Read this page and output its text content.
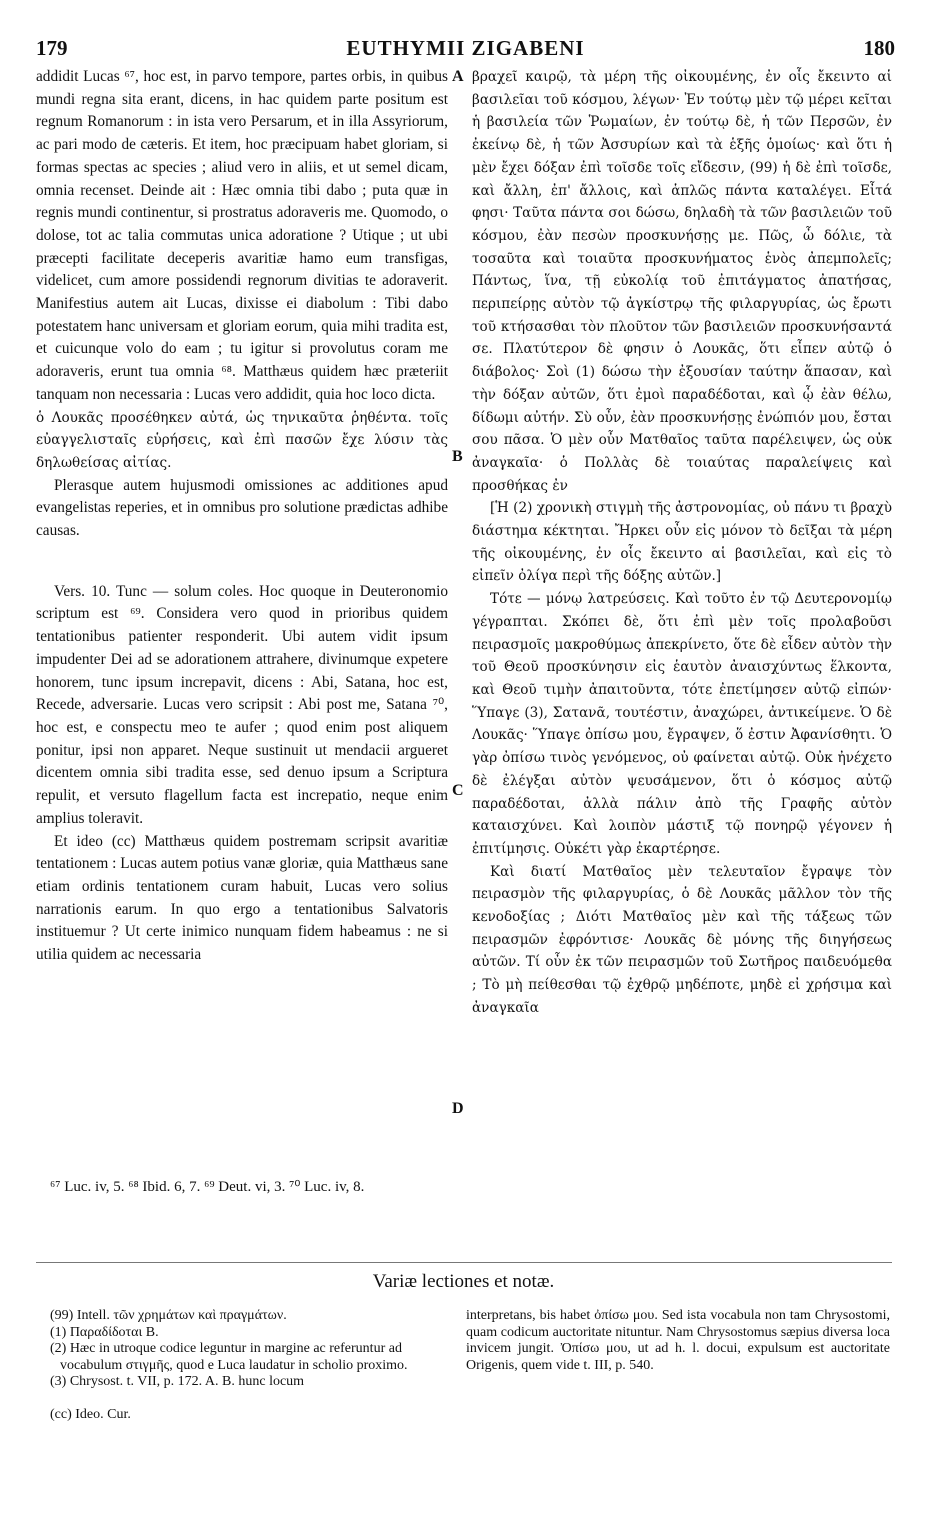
179	EUTHYMII ZIGABENI	180

addidit Lucas ⁶⁷, hoc est, in parvo tempore, partes orbis, in quibus mundi regna sita erant, dicens, in hac quidem parte positum est regnum Romanorum : in ista vero Persarum, et in illa Assyriorum, ac pari modo de cæteris. Et item, hoc præcipuam habet gloriam, si formas spectas ac species ; aliud vero in aliis, et ut semel dicam, omnia recenset. Deinde ait : Hæc omnia tibi dabo ; puta quæ in regnis mundi continentur, si prostratus adoraveris me. Quomodo, o dolose, tot ac talia commutas unica adoratione ? Utique ; ut ubi præcepti facilitate deceperis avaritiæ hamo eum transfigas, videlicet, cum amore possidendi regnorum divitias te adoraverit. Manifestius autem ait Lucas, dixisse ei diabolum : Tibi dabo potestatem hanc universam et gloriam eorum, quia mihi tradita est, et cuicunque volo do eam ; tu igitur si provolutus coram me adoraveris, erunt tua omnia ⁶⁸. Matthæus quidem hæc præteriit tanquam non necessaria : Lucas vero addidit, quia hoc loco dicta.

ὁ Λουκᾶς προσέθηκεν αὐτά, ὡς τηνικαῦτα ῥηθέντα. τοῖς εὐαγγελισταῖς εὑρήσεις, καὶ ἐπὶ πασῶν ἔχε λύσιν τὰς δηλωθείσας αἰτίας.

Plerasque autem hujusmodi omissiones ac additiones apud evangelistas reperies, et in omnibus pro solutione prædictas adhibe causas.

Vers. 10. Tunc — solum coles. Hoc quoque in Deuteronomio scriptum est ⁶⁹. Considera vero quod in prioribus quidem tentationibus patienter responderit. Ubi autem vidit ipsum impudenter Dei ad se adorationem attrahere, divinumque expetere honorem, tunc ipsum increpavit, dicens : Abi, Satana, hoc est, Recede, adversarie. Lucas vero scripsit : Abi post me, Satana ⁷⁰, hoc est, e conspectu meo te aufer ; quod enim post aliquem ponitur, ipsi non apparet. Neque sustinuit ut mendacii argueret dicentem omnia sibi tradita esse, sed denuo ipsum a Scriptura repulit, et versuto flagellum facta est increpatio, neque enim amplius toleravit.

Et ideo (cc) Matthæus quidem postremam scripsit avaritiæ tentationem : Lucas autem potius vanæ gloriæ, quia Matthæus sane etiam ordinis tentationem curam habuit, Lucas vero solius narrationis earum. In quo ergo a tentationibus Salvatoris instituemur ? Ut certe inimico nunquam fidem habeamus : ne si utilia quidem ac necessaria

A
B
C
D

βραχεῖ καιρῷ, τὰ μέρη τῆς οἰκουμένης, ἐν οἷς ἔκειντο αἱ βασιλεῖαι τοῦ κόσμου, λέγων· Ἐν τούτῳ μὲν τῷ μέρει κεῖται ἡ βασιλεία τῶν Ῥωμαίων, ἐν τούτῳ δὲ, ἡ τῶν Περσῶν, ἐν ἐκείνῳ δὲ, ἡ τῶν Ἀσσυρίων καὶ τὰ ἑξῆς ὁμοίως· καὶ ὅτι ἡ μὲν ἔχει δόξαν ἐπὶ τοῖσδε τοῖς εἴδεσιν, (99) ἡ δὲ ἐπὶ τοῖσδε, καὶ ἄλλη, ἐπ' ἄλλοις, καὶ ἁπλῶς πάντα καταλέγει. Εἶτά φησι· Ταῦτα πάντα σοι δώσω, δηλαδὴ τὰ τῶν βασιλειῶν τοῦ κόσμου, ἐὰν πεσὼν προσκυνήσῃς με. Πῶς, ὦ δόλιε, τὰ τοσαῦτα καὶ τοιαῦτα προσκυνήματος ἑνὸς ἀπεμπολεῖς; Πάντως, ἵνα, τῇ εὐκολίᾳ τοῦ ἐπιτάγματος ἀπατήσας, περιπείρῃς αὐτὸν τῷ ἀγκίστρῳ τῆς φιλαργυρίας, ὡς ἔρωτι τοῦ κτήσασθαι τὸν πλοῦτον τῶν βασιλειῶν προσκυνήσαντά σε. Πλατύτερον δὲ φησιν ὁ Λουκᾶς, ὅτι εἶπεν αὐτῷ ὁ διάβολος· Σοὶ (1) δώσω τὴν ἐξουσίαν ταύτην ἅπασαν, καὶ τὴν δόξαν αὐτῶν, ὅτι ἐμοὶ παραδέδοται, καὶ ᾧ ἐὰν θέλω, δίδωμι αὐτήν. Σὺ οὖν, ἐὰν προσκυνήσῃς ἐνώπιόν μου, ἔσται σου πᾶσα. Ὁ μὲν οὖν Ματθαῖος ταῦτα παρέλειψεν, ὡς οὐκ ἀναγκαῖα· ὁ Πολλὰς δὲ τοιαύτας παραλείψεις καὶ προσθήκας ἐν

[Ἡ (2) χρονικὴ στιγμὴ τῆς ἀστρονομίας, οὐ πάνυ τι βραχὺ διάστημα κέκτηται. Ἤρκει οὖν εἰς μόνον τὸ δεῖξαι τὰ μέρη τῆς οἰκουμένης, ἐν οἷς ἔκειντο αἱ βασιλεῖαι, καὶ εἰς τὸ εἰπεῖν ὀλίγα περὶ τῆς δόξης αὐτῶν.]

Τότε — μόνῳ λατρεύσεις. Καὶ τοῦτο ἐν τῷ Δευτερονομίῳ γέγραπται. Σκόπει δὲ, ὅτι ἐπὶ μὲν τοῖς προλαβοῦσι πειρασμοῖς μακροθύμως ἀπεκρίνετο, ὅτε δὲ εἶδεν αὐτὸν τὴν τοῦ Θεοῦ προσκύνησιν εἰς ἑαυτὸν ἀναισχύντως ἕλκοντα, καὶ Θεοῦ τιμὴν ἀπαιτοῦντα, τότε ἐπετίμησεν αὐτῷ εἰπών· Ὕπαγε (3), Σατανᾶ, τουτέστιν, ἀναχώρει, ἀντικείμενε. Ὁ δὲ Λουκᾶς· Ὕπαγε ὀπίσω μου, ἔγραψεν, ὅ ἐστιν Ἀφανίσθητι. Ὁ γὰρ ὀπίσω τινὸς γενόμενος, οὐ φαίνεται αὐτῷ. Οὐκ ἠνέχετο δὲ ἐλέγξαι αὐτὸν ψευσάμενον, ὅτι ὁ κόσμος αὐτῷ παραδέδοται, ἀλλὰ πάλιν ἀπὸ τῆς Γραφῆς αὐτὸν καταισχύνει. Καὶ λοιπὸν μάστιξ τῷ πονηρῷ γέγονεν ἡ ἐπιτίμησις. Οὐκέτι γὰρ ἐκαρτέρησε.

Καὶ διατί Ματθαῖος μὲν τελευταῖον ἔγραψε τὸν πειρασμὸν τῆς φιλαργυρίας, ὁ δὲ Λουκᾶς μᾶλλον τὸν τῆς κενοδοξίας ; Διότι Ματθαῖος μὲν καὶ τῆς τάξεως τῶν πειρασμῶν ἐφρόντισε· Λουκᾶς δὲ μόνης τῆς διηγήσεως αὐτῶν. Τί οὖν ἐκ τῶν πειρασμῶν τοῦ Σωτῆρος παιδευόμεθα ; Τὸ μὴ πείθεσθαι τῷ ἐχθρῷ μηδέποτε, μηδὲ εἰ χρήσιμα καὶ ἀναγκαῖα

⁶⁷ Luc. iv, 5. ⁶⁸ Ibid. 6, 7. ⁶⁹ Deut. vi, 3. ⁷⁰ Luc. iv, 8.
Variæ lectiones et notæ.

(99) Intell. τῶν χρημάτων καὶ πραγμάτων.

(1) Παραδίδοται B.

(2) Hæc in utroque codice leguntur in margine ac referuntur ad vocabulum στιγμῆς, quod e Luca laudatur in scholio proximo.

(3) Chrysost. t. VII, p. 172. A. B. hunc locum

(cc) Ideo. Cur.

interpretans, bis habet ὀπίσω μου. Sed ista vocabula non tam Chrysostomi, quam codicum auctoritate nituntur. Nam Chrysostomus sæpius diversa loca invicem jungit. Ὀπίσω μου, ut ad h. l. docui, expulsum est auctoritate Origenis, quem vide t. III, p. 540.
